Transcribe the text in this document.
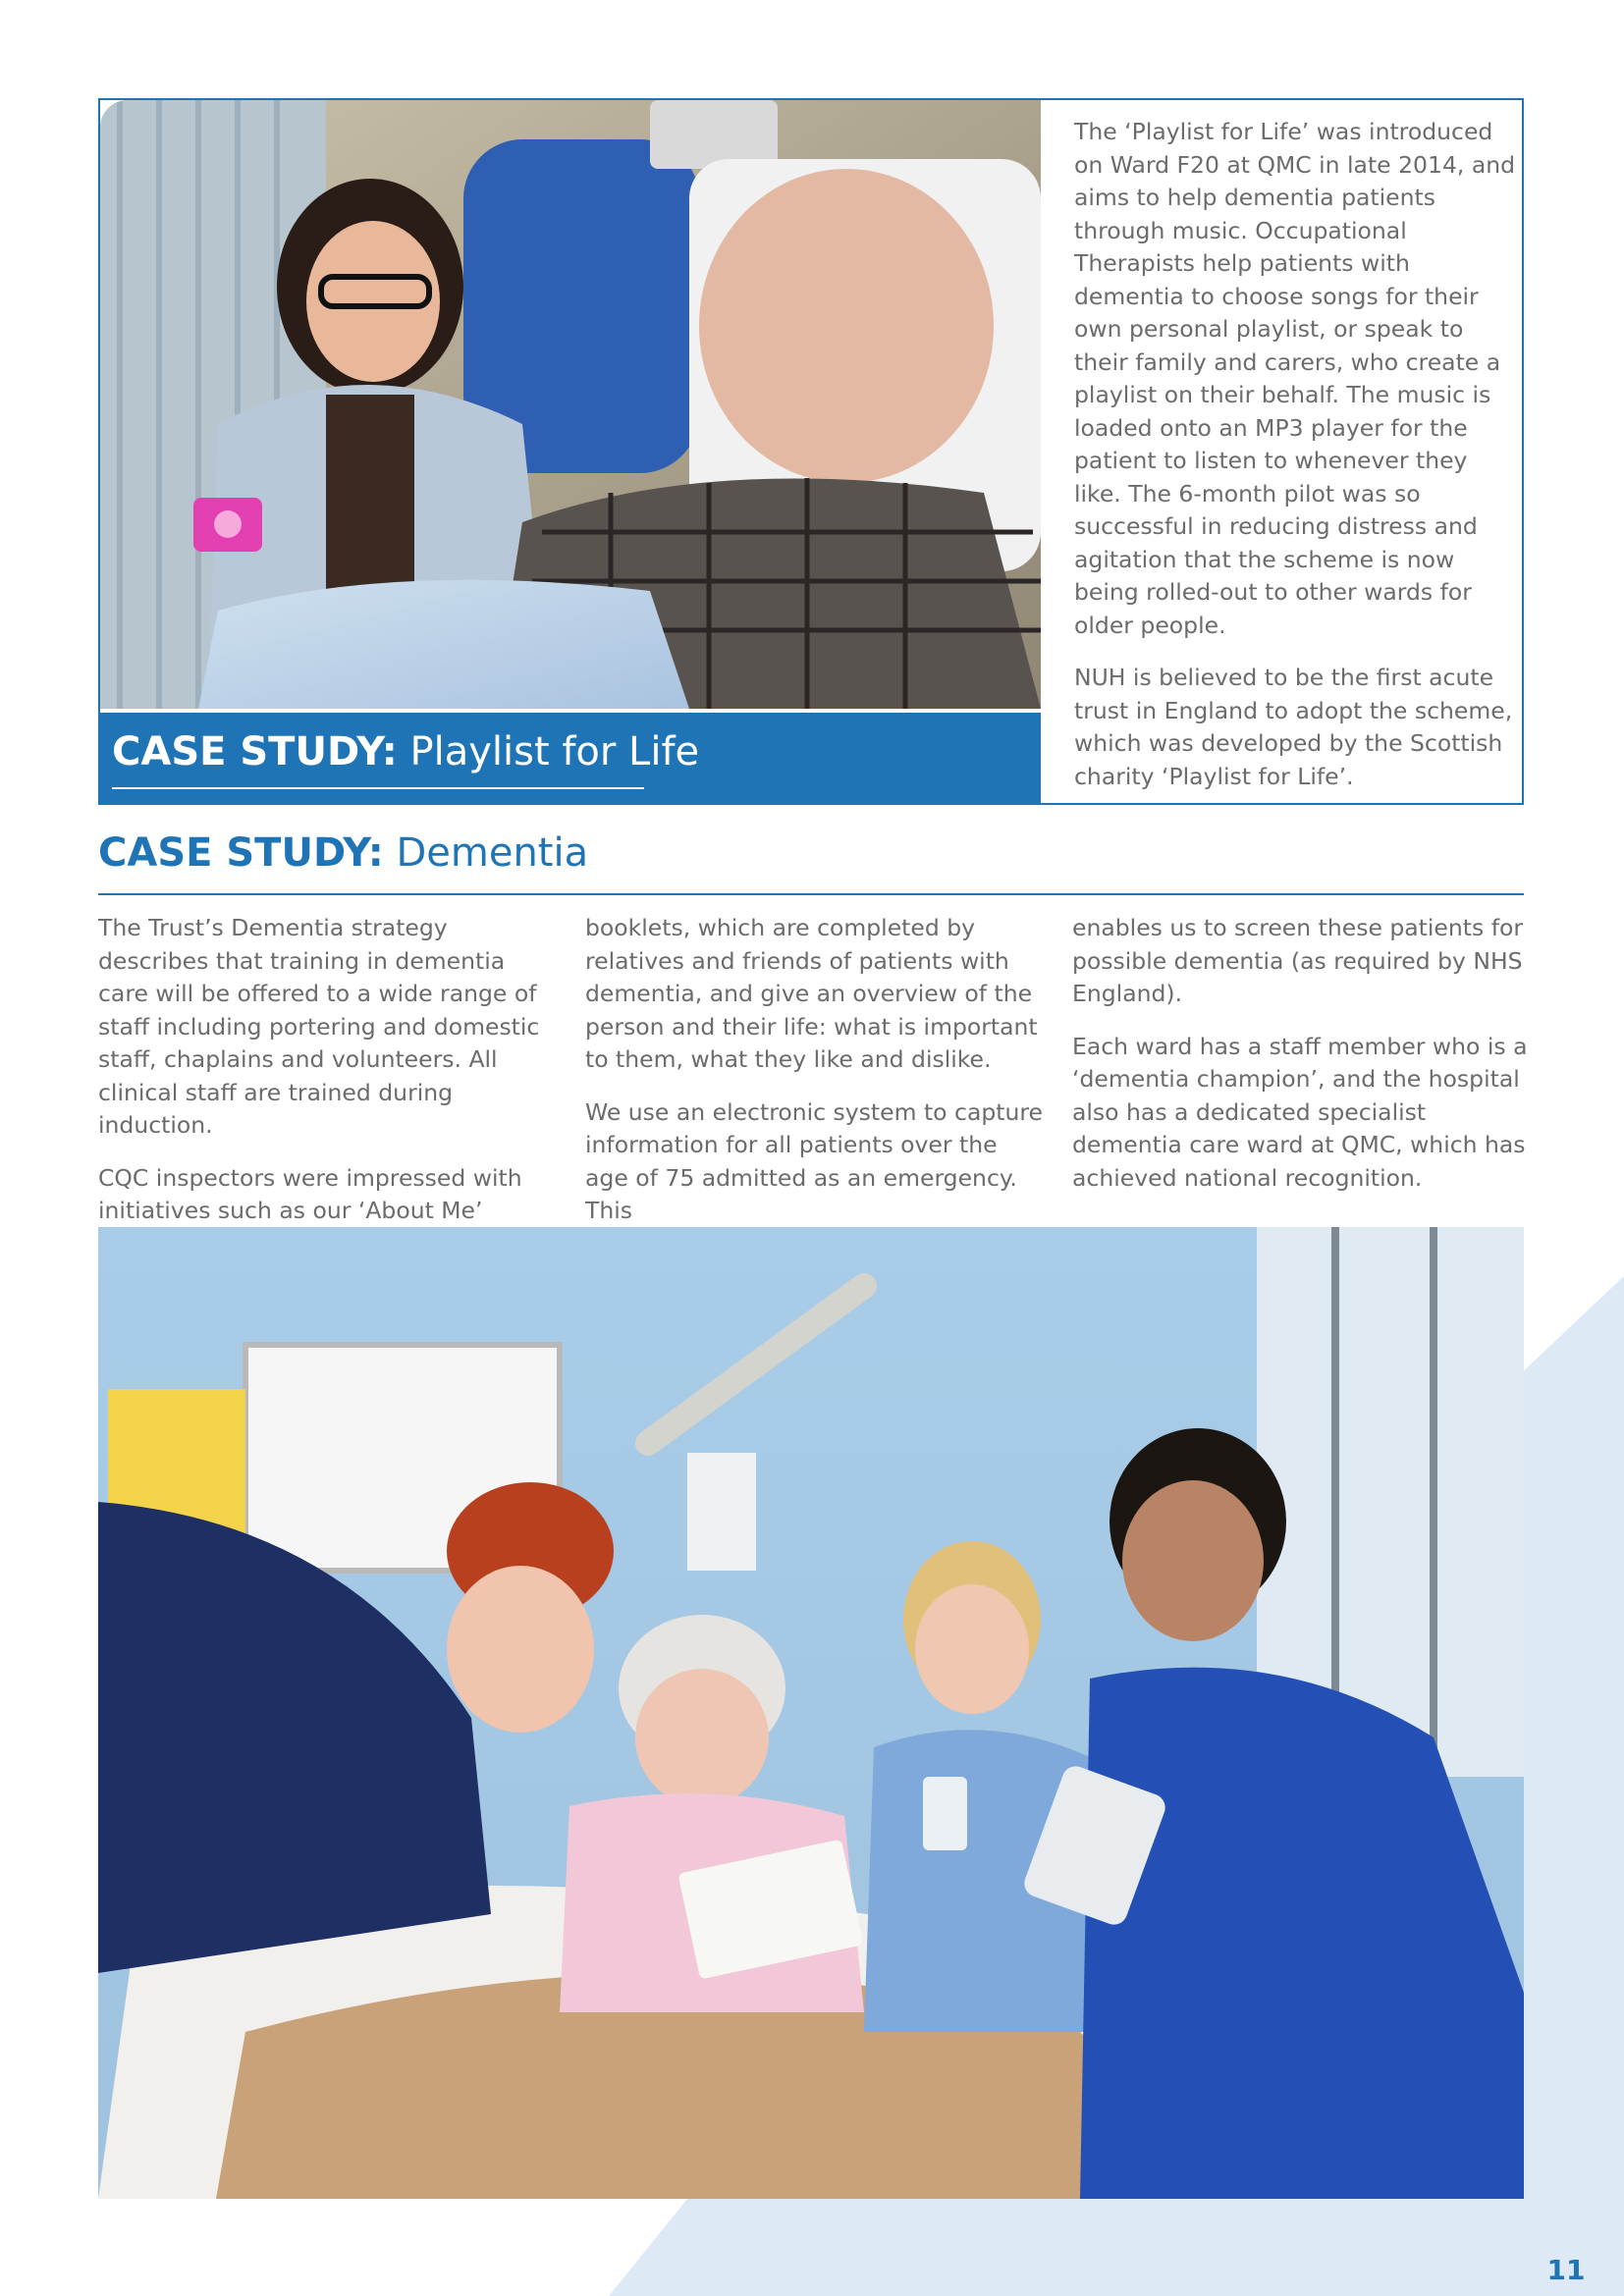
CASE STUDY: Playlist for Life

The ‘Playlist for Life’ was introduced on Ward F20 at QMC in late 2014, and aims to help dementia patients through music. Occupational Therapists help patients with dementia to choose songs for their own personal playlist, or speak to their family and carers, who create a playlist on their behalf. The music is loaded onto an MP3 player for the patient to listen to whenever they like. The 6-month pilot was so successful in reducing distress and agitation that the scheme is now being rolled-out to other wards for older people.

NUH is believed to be the first acute trust in England to adopt the scheme, which was developed by the Scottish charity ‘Playlist for Life’.

CASE STUDY: Dementia

The Trust’s Dementia strategy describes that training in dementia care will be offered to a wide range of staff including portering and domestic staff, chaplains and volunteers. All clinical staff are trained during induction.

CQC inspectors were impressed with initiatives such as our ‘About Me’

booklets, which are completed by relatives and friends of patients with dementia, and give an overview of the person and their life: what is important to them, what they like and dislike.

We use an electronic system to capture information for all patients over the age of 75 admitted as an emergency. This

enables us to screen these patients for possible dementia (as required by NHS England).

Each ward has a staff member who is a ‘dementia champion’, and the hospital also has a dedicated specialist dementia care ward at QMC, which has achieved national recognition.

11
